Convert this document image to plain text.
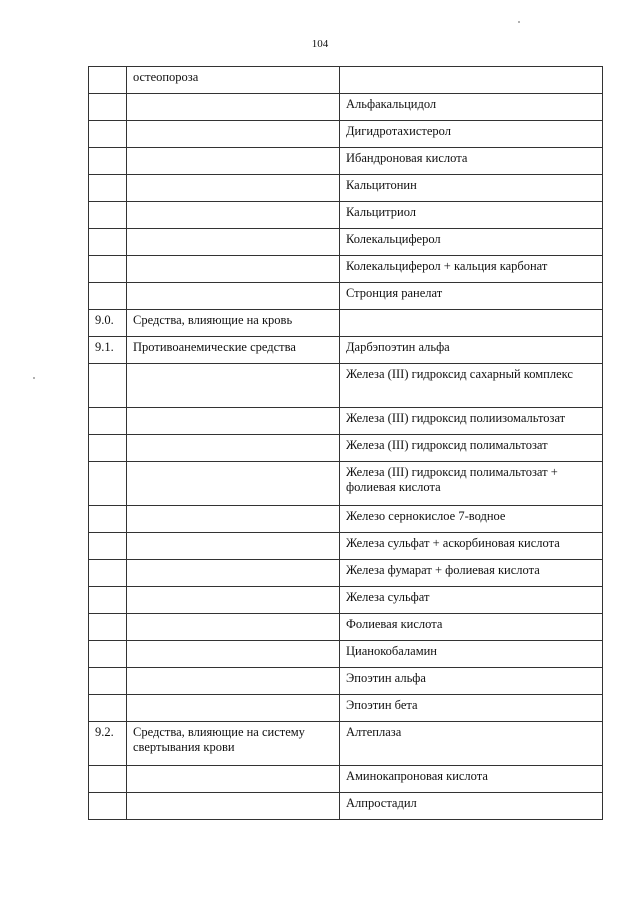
104
	остеопороза	
		Альфакальцидол
		Дигидротахистерол
		Ибандроновая кислота
		Кальцитонин
		Кальцитриол
		Колекальциферол
		Колекальциферол + кальция карбонат
		Стронция ранелат
9.0.	Средства, влияющие на кровь	
9.1.	Противоанемические средства	Дарбэпоэтин альфа
		Железа (III) гидроксид сахарный комплекс
		Железа (III) гидроксид полиизомальтозат
		Железа (III) гидроксид полимальтозат
		Железа (III) гидроксид полимальтозат + фолиевая кислота
		Железо сернокислое 7-водное
		Железа сульфат + аскорбиновая кислота
		Железа фумарат + фолиевая кислота
		Железа сульфат
		Фолиевая кислота
		Цианокобаламин
		Эпоэтин альфа
		Эпоэтин бета
9.2.	Средства, влияющие на систему свертывания крови	Алтеплаза
		Аминокапроновая кислота
		Алпростадил
